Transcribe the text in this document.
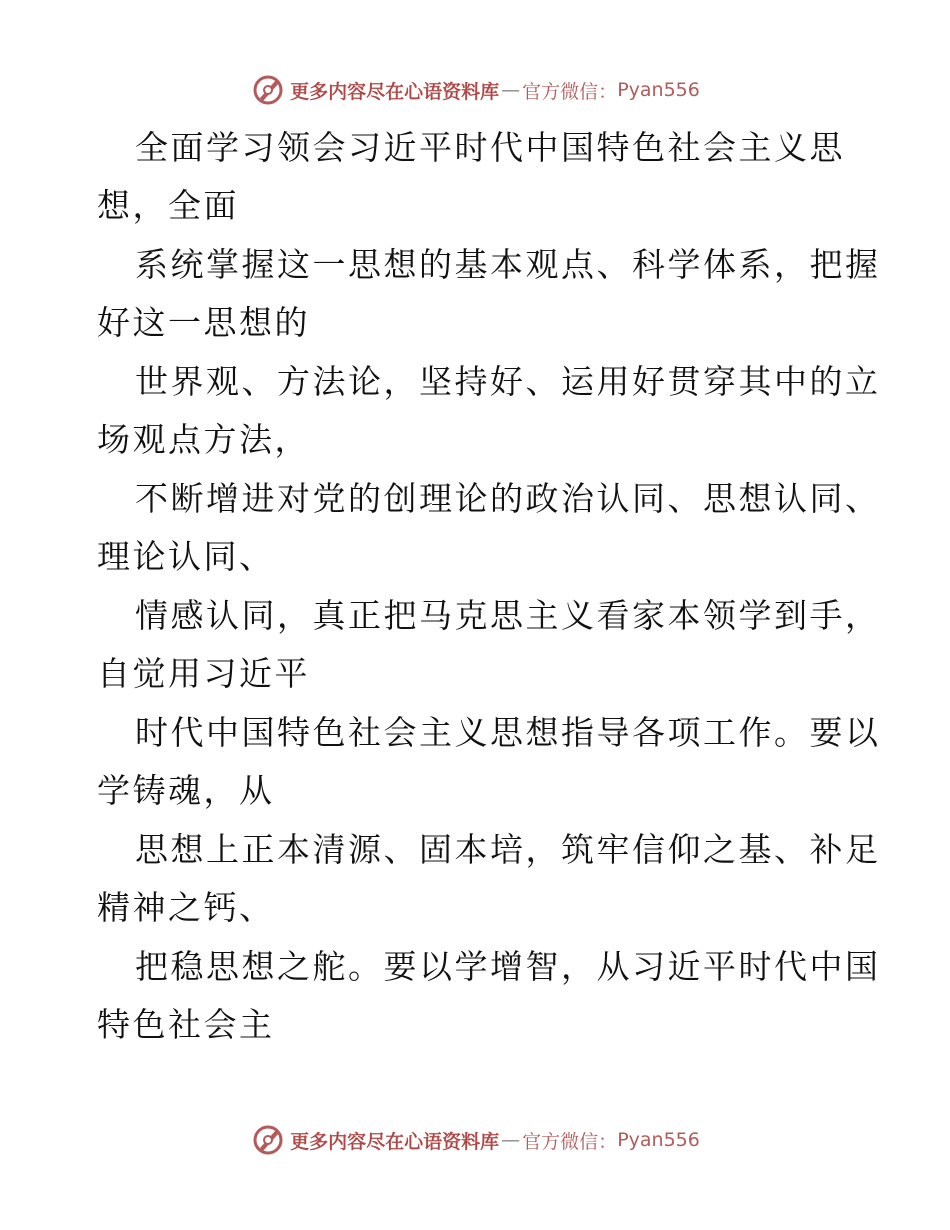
更多内容尽在心语资料库 — 官方微信： Pyan556
全面学习领会习近平时代中国特色社会主义思
想，全面
系统掌握这一思想的基本观点、科学体系，把握
好这一思想的
世界观、方法论，坚持好、运用好贯穿其中的立
场观点方法，
不断增进对党的创理论的政治认同、思想认同、
理论认同、
情感认同，真正把马克思主义看家本领学到手，
自觉用习近平
时代中国特色社会主义思想指导各项工作。要以
学铸魂，从
思想上正本清源、固本培，筑牢信仰之基、补足
精神之钙、
把稳思想之舵。要以学增智，从习近平时代中国
特色社会主
更多内容尽在心语资料库 — 官方微信： Pyan556
